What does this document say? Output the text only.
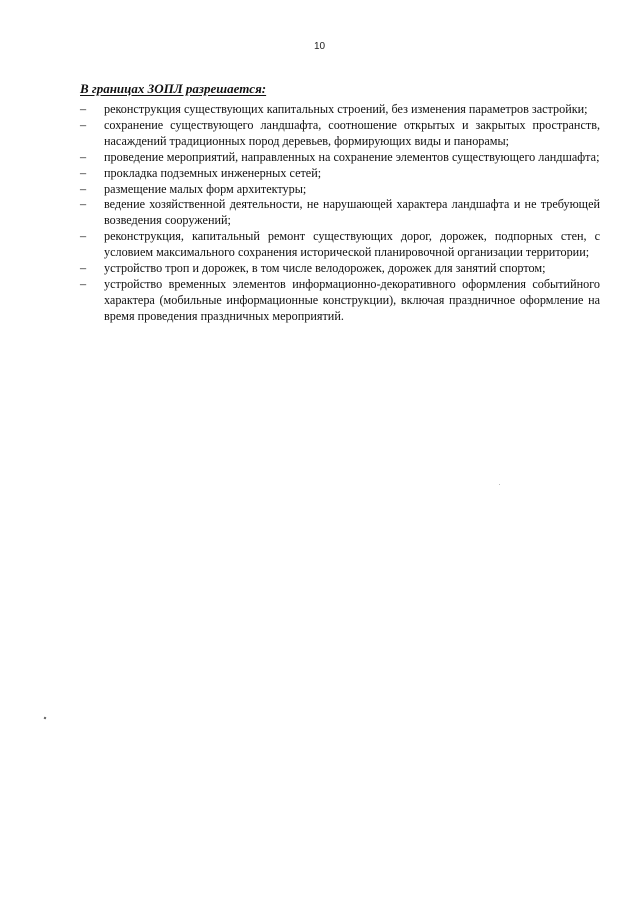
10
В границах ЗОПЛ разрешается:
– реконструкция существующих капитальных строений, без изменения параметров застройки;
– сохранение существующего ландшафта, соотношение открытых и закрытых пространств, насаждений традиционных пород деревьев, формирующих виды и панорамы;
– проведение мероприятий, направленных на сохранение элементов существующего ландшафта;
– прокладка подземных инженерных сетей;
– размещение малых форм архитектуры;
– ведение хозяйственной деятельности, не нарушающей характера ландшафта и не требующей возведения сооружений;
– реконструкция, капитальный ремонт существующих дорог, дорожек, подпорных стен, с условием максимального сохранения исторической планировочной организации территории;
– устройство троп и дорожек, в том числе велодорожек, дорожек для занятий спортом;
– устройство временных элементов информационно-декоративного оформления событийного характера (мобильные информационные конструкции), включая праздничное оформление на время проведения праздничных мероприятий.
